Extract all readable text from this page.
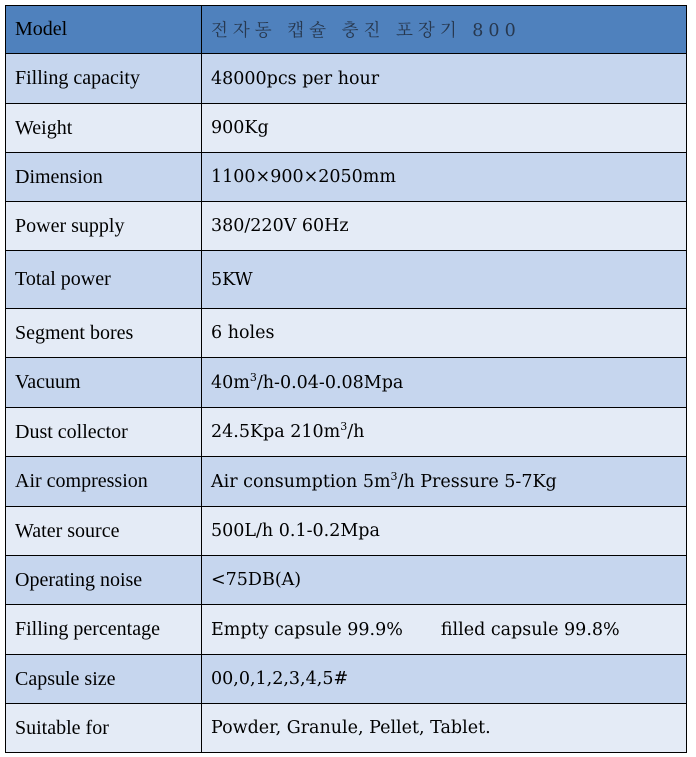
Model	전자동 캡슐 충진 포장기 800
Filling capacity	48000pcs per hour
Weight	900Kg
Dimension	1100×900×2050mm
Power supply	380/220V 60Hz
Total power	5KW
Segment bores	6 holes
Vacuum	$40m^3/h-0.04-0.08Mpa$
Dust collector	24.5Kpa $210m^3/h$
Air compression	Air consumption $5m^3/h$ Pressure 5-7Kg
Water source	500L/h 0.1-0.2Mpa
Operating noise	<75DB(A)
Filling percentage	Empty capsule 99.9% filled capsule 99.8%
Capsule size	00,0,1,2,3,4,5#
Suitable for	Powder, Granule, Pellet, Tablet.
